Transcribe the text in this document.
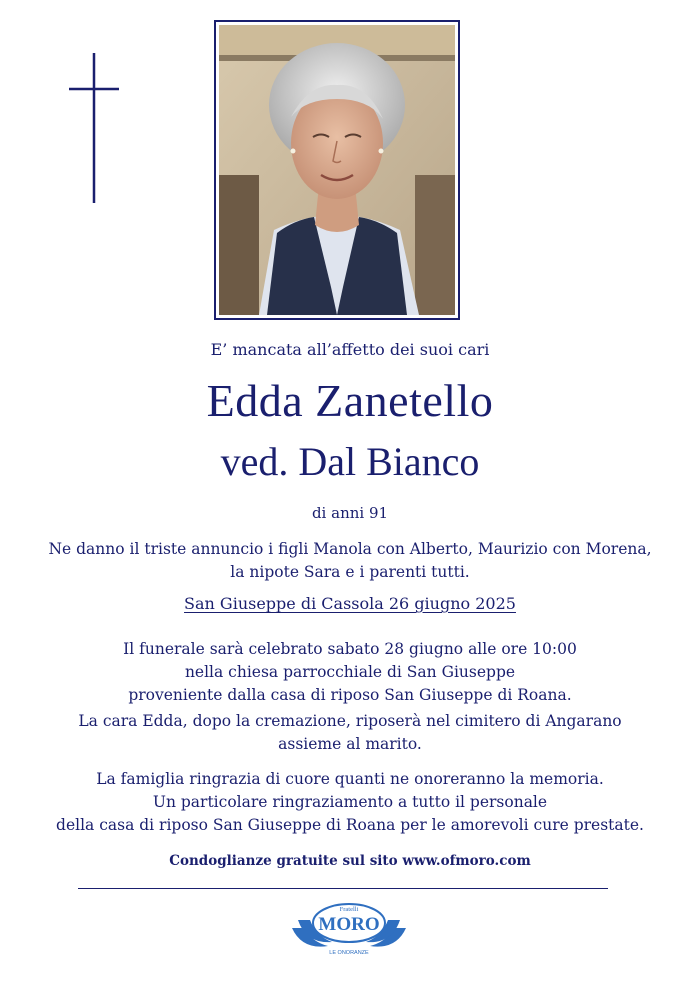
E’ mancata all’affetto dei suoi cari

Edda Zanetello
ved. Dal Bianco

di anni 91

Ne danno il triste annuncio i figli Manola con Alberto, Maurizio con Morena,
la nipote Sara e i parenti tutti.

San Giuseppe di Cassola 26 giugno 2025

Il funerale sarà celebrato sabato 28 giugno alle ore 10:00
nella chiesa parrocchiale di San Giuseppe
proveniente dalla casa di riposo San Giuseppe di Roana.

La cara Edda, dopo la cremazione, riposerà nel cimitero di Angarano
assieme al marito.

La famiglia ringrazia di cuore quanti ne onoreranno la memoria.
Un particolare ringraziamento a tutto il personale
della casa di riposo San Giuseppe di Roana per le amorevoli cure prestate.

Condoglianze gratuite sul sito www.ofmoro.com

Fratelli
MORO
LE ONORANZE
